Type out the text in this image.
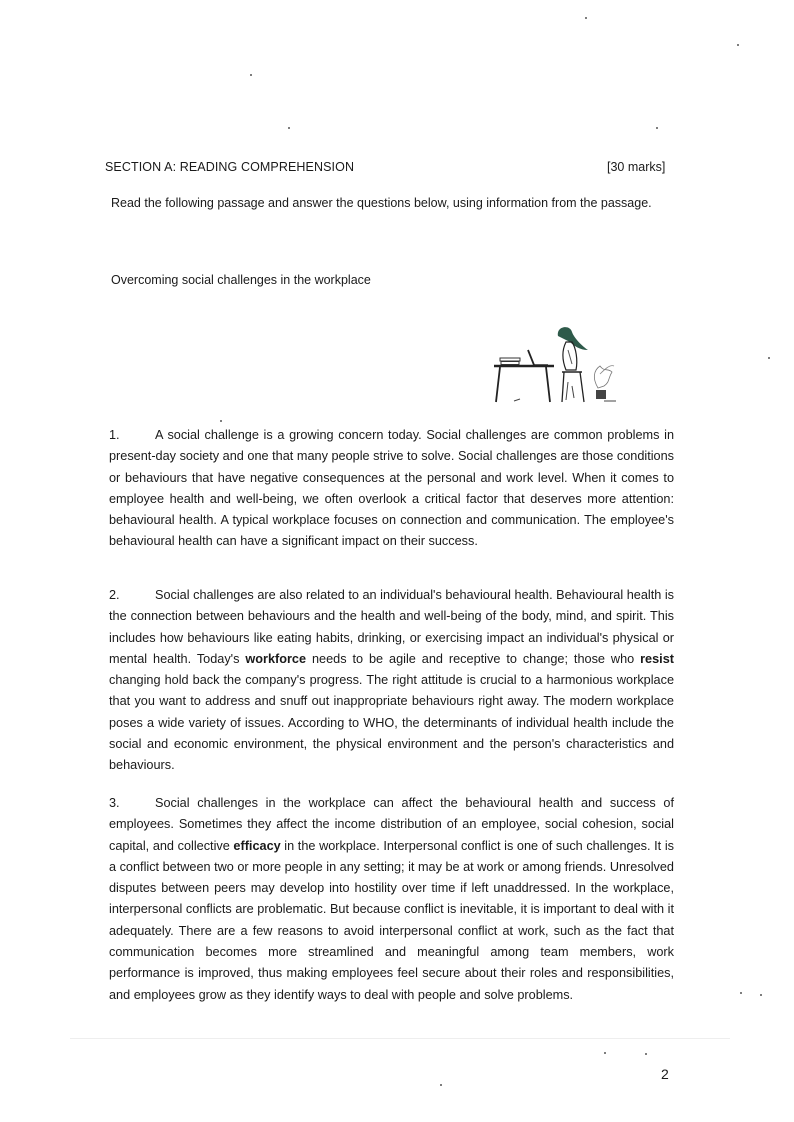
SECTION A: READING COMPREHENSION	[30 marks]
Read the following passage and answer the questions below, using information from the passage.
Overcoming social challenges in the workplace
1.	A social challenge is a growing concern today. Social challenges are common problems in present-day society and one that many people strive to solve. Social challenges are those conditions or behaviours that have negative consequences at the personal and work level. When it comes to employee health and well-being, we often overlook a critical factor that deserves more attention: behavioural health. A typical workplace focuses on connection and communication. The employee's behavioural health can have a significant impact on their success.
2.	Social challenges are also related to an individual's behavioural health. Behavioural health is the connection between behaviours and the health and well-being of the body, mind, and spirit. This includes how behaviours like eating habits, drinking, or exercising impact an individual's physical or mental health. Today's workforce needs to be agile and receptive to change; those who resist changing hold back the company's progress. The right attitude is crucial to a harmonious workplace that you want to address and snuff out inappropriate behaviours right away. The modern workplace poses a wide variety of issues. According to WHO, the determinants of individual health include the social and economic environment, the physical environment and the person's characteristics and behaviours.
3.	Social challenges in the workplace can affect the behavioural health and success of employees. Sometimes they affect the income distribution of an employee, social cohesion, social capital, and collective efficacy in the workplace. Interpersonal conflict is one of such challenges. It is a conflict between two or more people in any setting; it may be at work or among friends. Unresolved disputes between peers may develop into hostility over time if left unaddressed. In the workplace, interpersonal conflicts are problematic. But because conflict is inevitable, it is important to deal with it adequately. There are a few reasons to avoid interpersonal conflict at work, such as the fact that communication becomes more streamlined and meaningful among team members, work performance is improved, thus making employees feel secure about their roles and responsibilities, and employees grow as they identify ways to deal with people and solve problems.
2
